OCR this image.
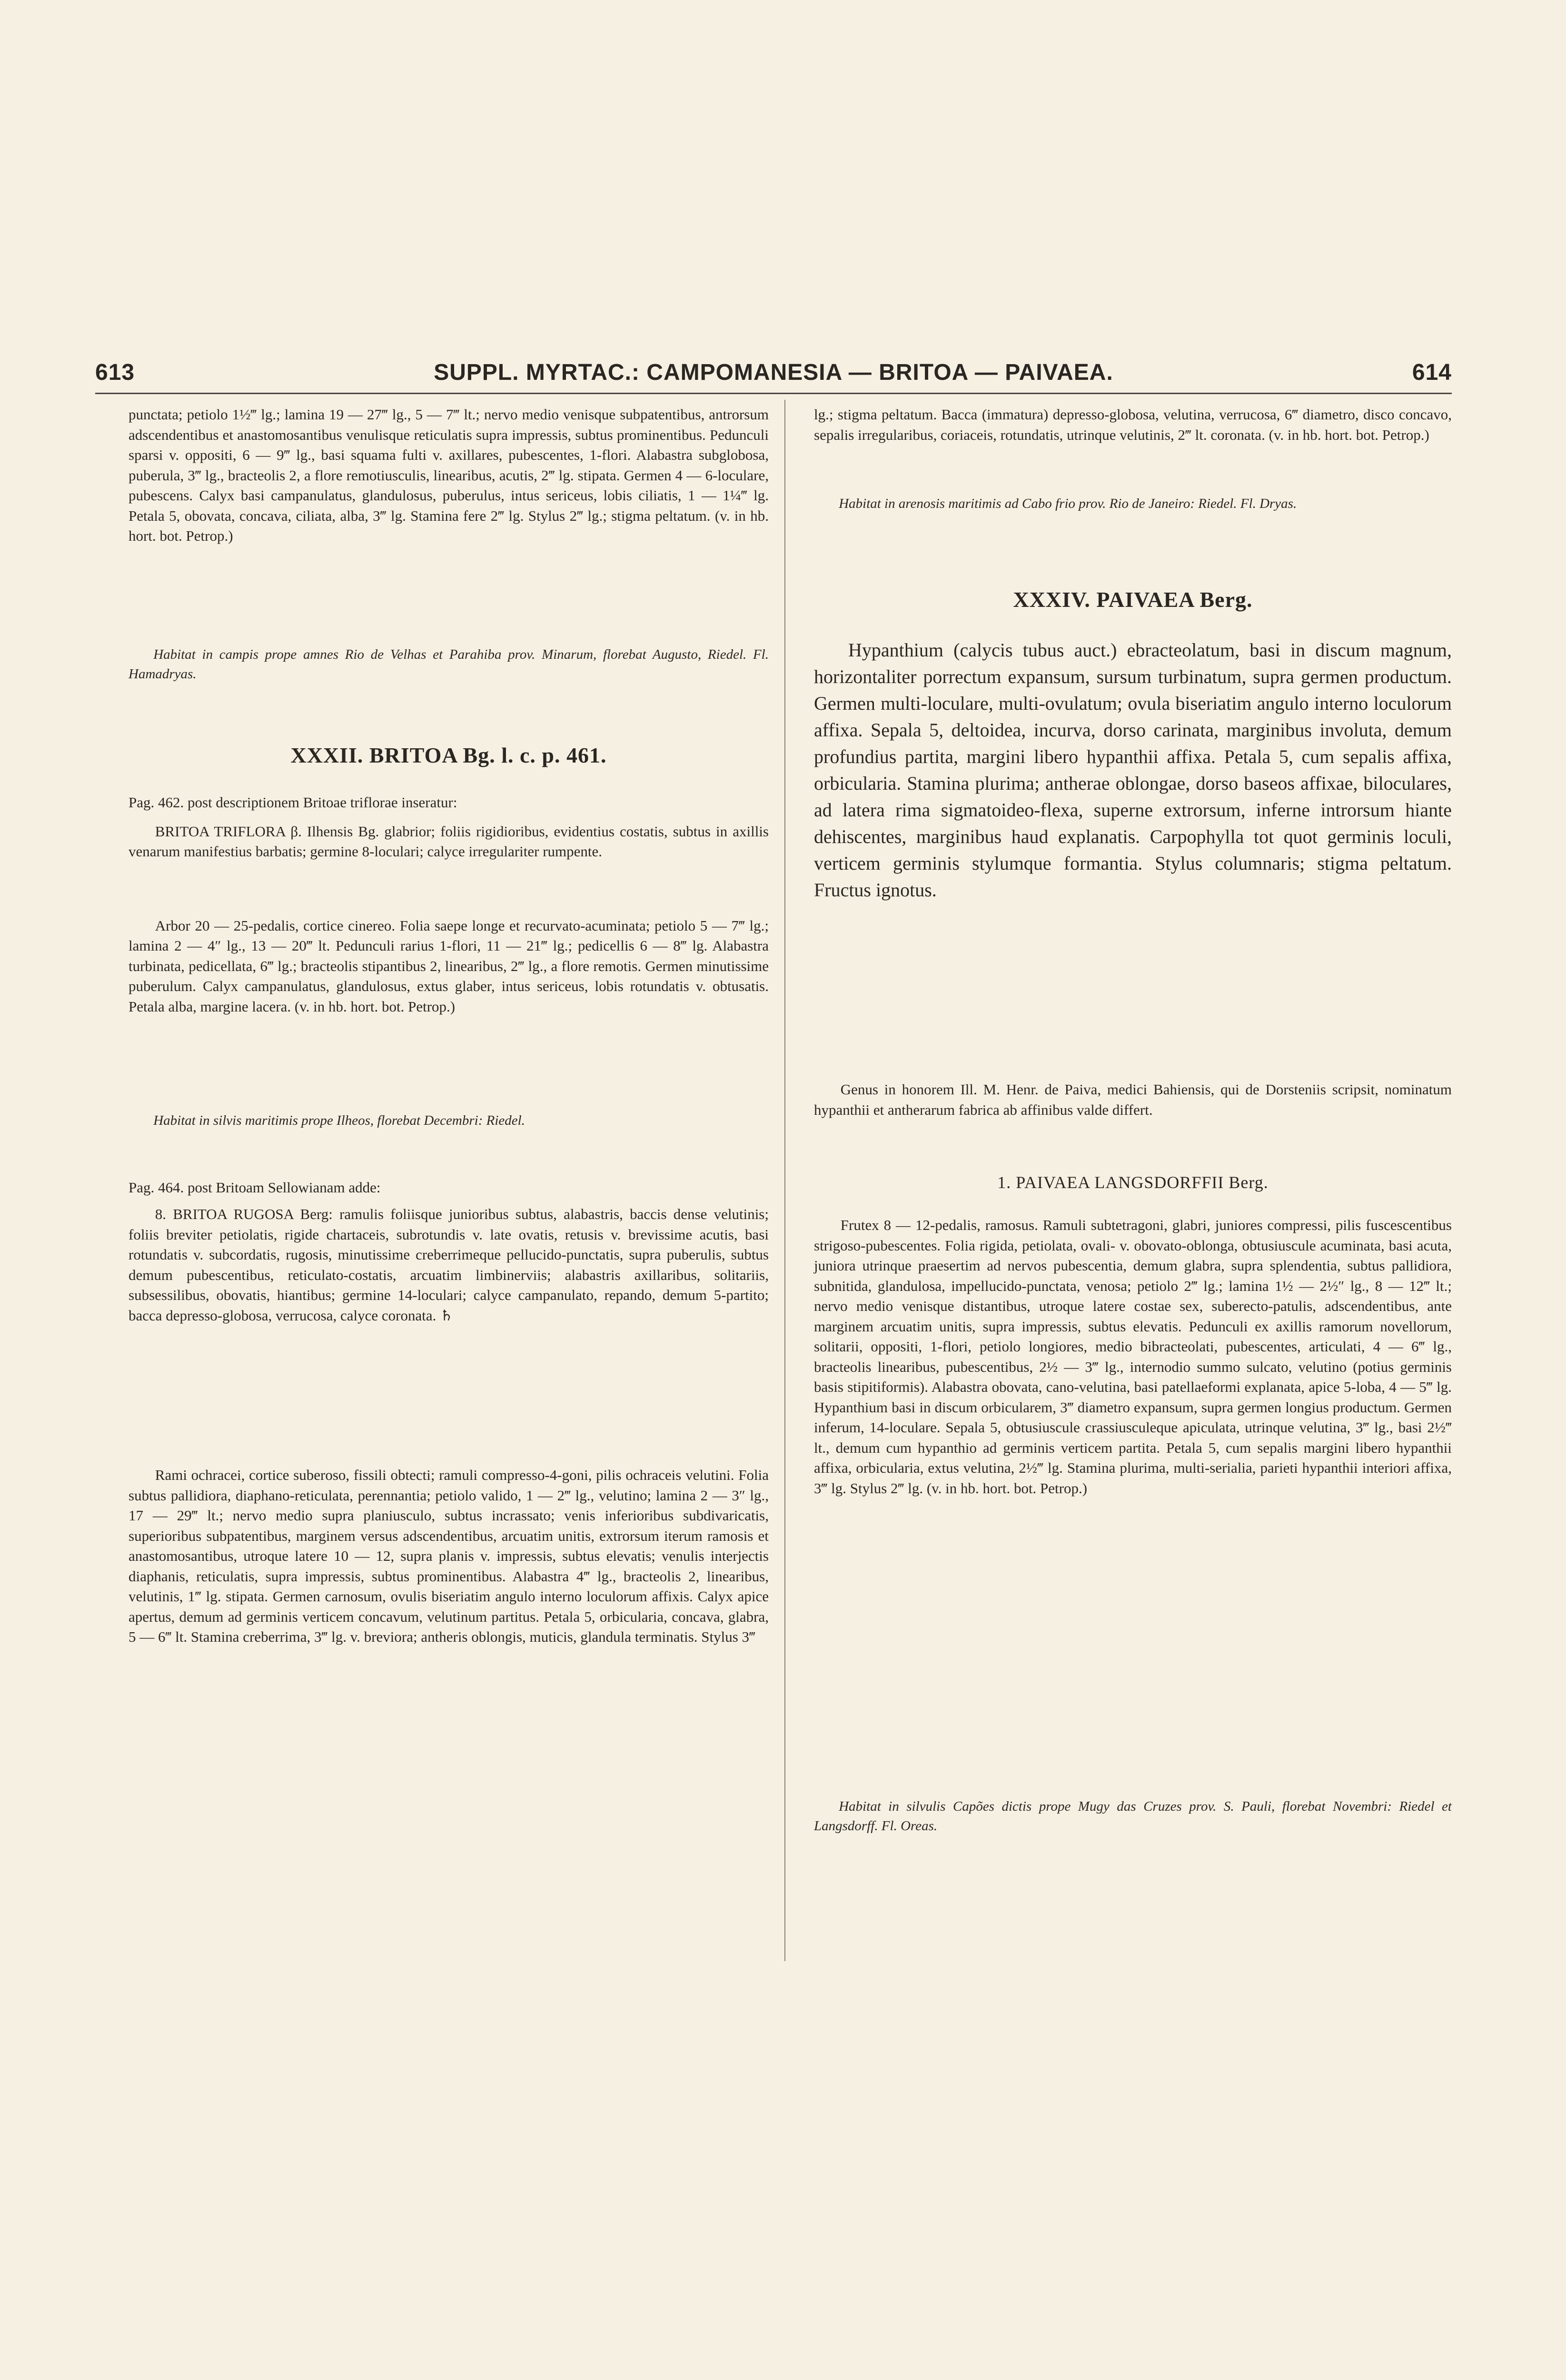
613	SUPPL. MYRTAC.: CAMPOMANESIA — BRITOA — PAIVAEA.	614

punctata; petiolo 1½‴ lg.; lamina 19 — 27‴ lg., 5 — 7‴ lt.; nervo medio venisque subpatentibus, antrorsum adscendentibus et anastomosantibus venulisque reticulatis supra impressis, subtus prominentibus. Pedunculi sparsi v. oppositi, 6 — 9‴ lg., basi squama fulti v. axillares, pubescentes, 1-flori. Alabastra subglobosa, puberula, 3‴ lg., bracteolis 2, a flore remotiusculis, linearibus, acutis, 2‴ lg. stipata. Germen 4 — 6-loculare, pubescens. Calyx basi campanulatus, glandulosus, puberulus, intus sericeus, lobis ciliatis, 1 — 1¼‴ lg. Petala 5, obovata, concava, ciliata, alba, 3‴ lg. Stamina fere 2‴ lg. Stylus 2‴ lg.; stigma peltatum. (v. in hb. hort. bot. Petrop.)

Habitat in campis prope amnes Rio de Velhas et Parahiba prov. Minarum, florebat Augusto, Riedel. Fl. Hamadryas.

XXXII. BRITOA Bg. l. c. p. 461.

Pag. 462. post descriptionem Britoae triflorae inseratur:

BRITOA TRIFLORA β. Ilhensis Bg. glabrior; foliis rigidioribus, evidentius costatis, subtus in axillis venarum manifestius barbatis; germine 8-loculari; calyce irregulariter rumpente.

Arbor 20 — 25-pedalis, cortice cinereo. Folia saepe longe et recurvato-acuminata; petiolo 5 — 7‴ lg.; lamina 2 — 4″ lg., 13 — 20‴ lt. Pedunculi rarius 1-flori, 11 — 21‴ lg.; pedicellis 6 — 8‴ lg. Alabastra turbinata, pedicellata, 6‴ lg.; bracteolis stipantibus 2, linearibus, 2‴ lg., a flore remotis. Germen minutissime puberulum. Calyx campanulatus, glandulosus, extus glaber, intus sericeus, lobis rotundatis v. obtusatis. Petala alba, margine lacera. (v. in hb. hort. bot. Petrop.)

Habitat in silvis maritimis prope Ilheos, florebat Decembri: Riedel.

Pag. 464. post Britoam Sellowianam adde:

8. BRITOA RUGOSA Berg: ramulis foliisque junioribus subtus, alabastris, baccis dense velutinis; foliis breviter petiolatis, rigide chartaceis, subrotundis v. late ovatis, retusis v. brevissime acutis, basi rotundatis v. subcordatis, rugosis, minutissime creberrimeque pellucido-punctatis, supra puberulis, subtus demum pubescentibus, reticulato-costatis, arcuatim limbinerviis; alabastris axillaribus, solitariis, subsessilibus, obovatis, hiantibus; germine 14-loculari; calyce campanulato, repando, demum 5-partito; bacca depresso-globosa, verrucosa, calyce coronata. ♄

Rami ochracei, cortice suberoso, fissili obtecti; ramuli compresso-4-goni, pilis ochraceis velutini. Folia subtus pallidiora, diaphano-reticulata, perennantia; petiolo valido, 1 — 2‴ lg., velutino; lamina 2 — 3″ lg., 17 — 29‴ lt.; nervo medio supra planiusculo, subtus incrassato; venis inferioribus subdivaricatis, superioribus subpatentibus, marginem versus adscendentibus, arcuatim unitis, extrorsum iterum ramosis et anastomosantibus, utroque latere 10 — 12, supra planis v. impressis, subtus elevatis; venulis interjectis diaphanis, reticulatis, supra impressis, subtus prominentibus. Alabastra 4‴ lg., bracteolis 2, linearibus, velutinis, 1‴ lg. stipata. Germen carnosum, ovulis biseriatim angulo interno loculorum affixis. Calyx apice apertus, demum ad germinis verticem concavum, velutinum partitus. Petala 5, orbicularia, concava, glabra, 5 — 6‴ lt. Stamina creberrima, 3‴ lg. v. breviora; antheris oblongis, muticis, glandula terminatis. Stylus 3‴

lg.; stigma peltatum. Bacca (immatura) depresso-globosa, velutina, verrucosa, 6‴ diametro, disco concavo, sepalis irregularibus, coriaceis, rotundatis, utrinque velutinis, 2‴ lt. coronata. (v. in hb. hort. bot. Petrop.)

Habitat in arenosis maritimis ad Cabo frio prov. Rio de Janeiro: Riedel. Fl. Dryas.

XXXIV. PAIVAEA Berg.

Hypanthium (calycis tubus auct.) ebracteolatum, basi in discum magnum, horizontaliter porrectum expansum, sursum turbinatum, supra germen productum. Germen multi-loculare, multi-ovulatum; ovula biseriatim angulo interno loculorum affixa. Sepala 5, deltoidea, incurva, dorso carinata, marginibus involuta, demum profundius partita, margini libero hypanthii affixa. Petala 5, cum sepalis affixa, orbicularia. Stamina plurima; antherae oblongae, dorso baseos affixae, biloculares, ad latera rima sigmatoideo-flexa, superne extrorsum, inferne introrsum hiante dehiscentes, marginibus haud explanatis. Carpophylla tot quot germinis loculi, verticem germinis stylumque formantia. Stylus columnaris; stigma peltatum. Fructus ignotus.

Genus in honorem Ill. M. Henr. de Paiva, medici Bahiensis, qui de Dorsteniis scripsit, nominatum hypanthii et antherarum fabrica ab affinibus valde differt.

1. PAIVAEA LANGSDORFFII Berg.

Frutex 8 — 12-pedalis, ramosus. Ramuli subtetragoni, glabri, juniores compressi, pilis fuscescentibus strigoso-pubescentes. Folia rigida, petiolata, ovali- v. obovato-oblonga, obtusiuscule acuminata, basi acuta, juniora utrinque praesertim ad nervos pubescentia, demum glabra, supra splendentia, subtus pallidiora, subnitida, glandulosa, impellucido-punctata, venosa; petiolo 2‴ lg.; lamina 1½ — 2½″ lg., 8 — 12‴ lt.; nervo medio venisque distantibus, utroque latere costae sex, suberecto-patulis, adscendentibus, ante marginem arcuatim unitis, supra impressis, subtus elevatis. Pedunculi ex axillis ramorum novellorum, solitarii, oppositi, 1-flori, petiolo longiores, medio bibracteolati, pubescentes, articulati, 4 — 6‴ lg., bracteolis linearibus, pubescentibus, 2½ — 3‴ lg., internodio summo sulcato, velutino (potius germinis basis stipitiformis). Alabastra obovata, cano-velutina, basi patellaeformi explanata, apice 5-loba, 4 — 5‴ lg. Hypanthium basi in discum orbicularem, 3‴ diametro expansum, supra germen longius productum. Germen inferum, 14-loculare. Sepala 5, obtusiuscule crassiusculeque apiculata, utrinque velutina, 3‴ lg., basi 2½‴ lt., demum cum hypanthio ad germinis verticem partita. Petala 5, cum sepalis margini libero hypanthii affixa, orbicularia, extus velutina, 2½‴ lg. Stamina plurima, multi-serialia, parieti hypanthii interiori affixa, 3‴ lg. Stylus 2‴ lg. (v. in hb. hort. bot. Petrop.)

Habitat in silvulis Capões dictis prope Mugy das Cruzes prov. S. Pauli, florebat Novembri: Riedel et Langsdorff. Fl. Oreas.
